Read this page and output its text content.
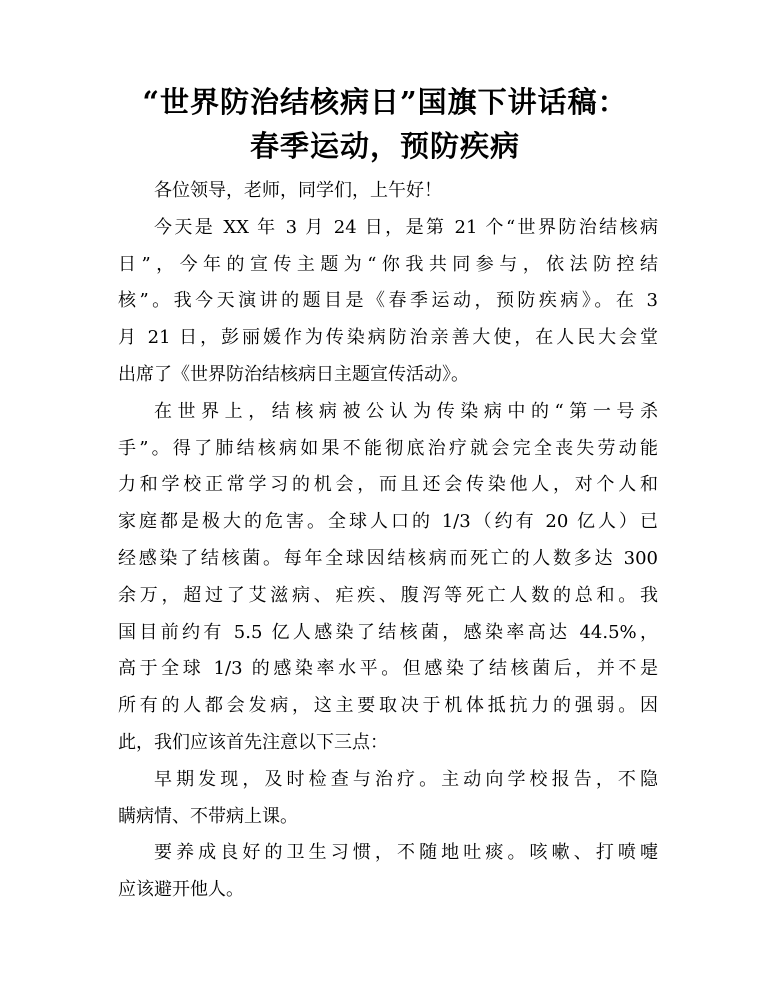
“世界防治结核病日”国旗下讲话稿：
春季运动，预防疾病
各位领导，老师，同学们，上午好！
今天是 XX 年 3 月 24 日，是第 21 个“世界防治结核病
日”，今年的宣传主题为“你我共同参与，依法防控结
核”。我今天演讲的题目是《春季运动，预防疾病》。在 3
月 21 日，彭丽媛作为传染病防治亲善大使，在人民大会堂
出席了《世界防治结核病日主题宣传活动》。
在世界上，结核病被公认为传染病中的“第一号杀
手”。得了肺结核病如果不能彻底治疗就会完全丧失劳动能
力和学校正常学习的机会，而且还会传染他人，对个人和
家庭都是极大的危害。全球人口的 1/3（约有 20 亿人）已
经感染了结核菌。每年全球因结核病而死亡的人数多达 300
余万，超过了艾滋病、疟疾、腹泻等死亡人数的总和。我
国目前约有 5.5 亿人感染了结核菌，感染率高达 44.5%，
高于全球 1/3 的感染率水平。但感染了结核菌后，并不是
所有的人都会发病，这主要取决于机体抵抗力的强弱。因
此，我们应该首先注意以下三点：
早期发现，及时检查与治疗。主动向学校报告，不隐
瞒病情、不带病上课。
要养成良好的卫生习惯，不随地吐痰。咳嗽、打喷嚏
应该避开他人。
